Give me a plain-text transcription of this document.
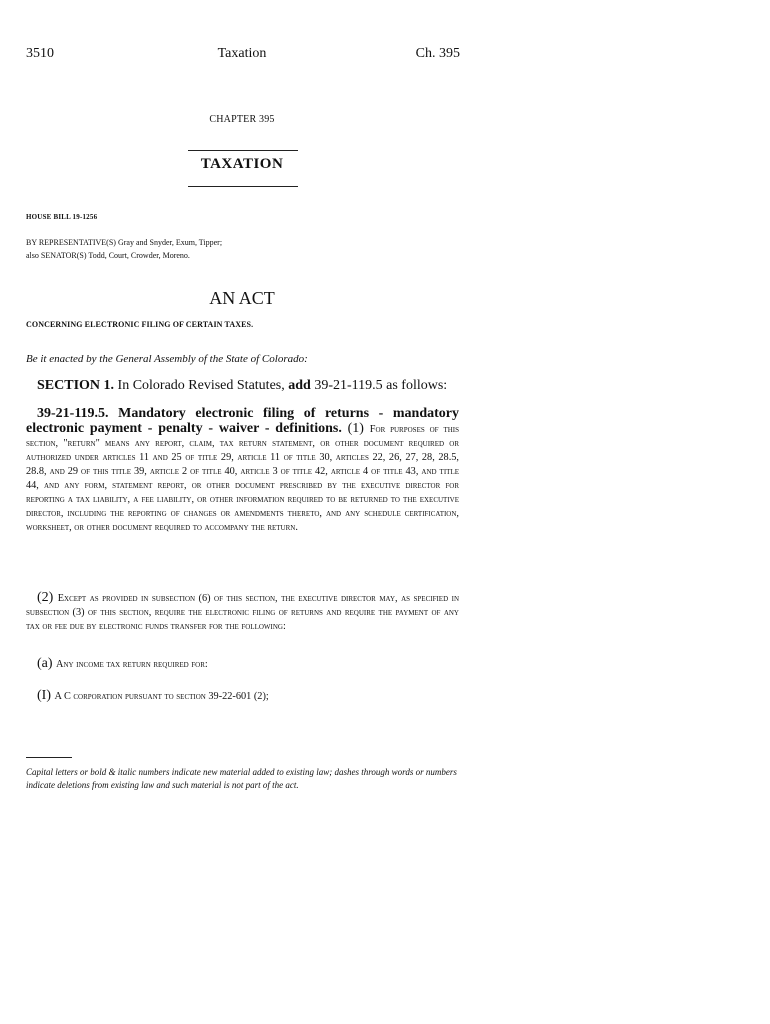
3510	Taxation	Ch. 395
CHAPTER 395
TAXATION
HOUSE BILL 19-1256
BY REPRESENTATIVE(S) Gray and Snyder, Exum, Tipper;
also SENATOR(S) Todd, Court, Crowder, Moreno.
AN ACT
CONCERNING ELECTRONIC FILING OF CERTAIN TAXES.
Be it enacted by the General Assembly of the State of Colorado:
SECTION 1. In Colorado Revised Statutes, add 39-21-119.5 as follows:
39-21-119.5. Mandatory electronic filing of returns - mandatory electronic payment - penalty - waiver - definitions. (1) For purposes of this section, "return" means any report, claim, tax return statement, or other document required or authorized under articles 11 and 25 of title 29, article 11 of title 30, articles 22, 26, 27, 28, 28.5, 28.8, and 29 of this title 39, article 2 of title 40, article 3 of title 42, article 4 of title 43, and title 44, and any form, statement report, or other document prescribed by the executive director for reporting a tax liability, a fee liability, or other information required to be returned to the executive director, including the reporting of changes or amendments thereto, and any schedule certification, worksheet, or other document required to accompany the return.
(2) Except as provided in subsection (6) of this section, the executive director may, as specified in subsection (3) of this section, require the electronic filing of returns and require the payment of any tax or fee due by electronic funds transfer for the following:
(a) Any income tax return required for:
(I) A C corporation pursuant to section 39-22-601 (2);
Capital letters or bold & italic numbers indicate new material added to existing law; dashes through words or numbers indicate deletions from existing law and such material is not part of the act.
